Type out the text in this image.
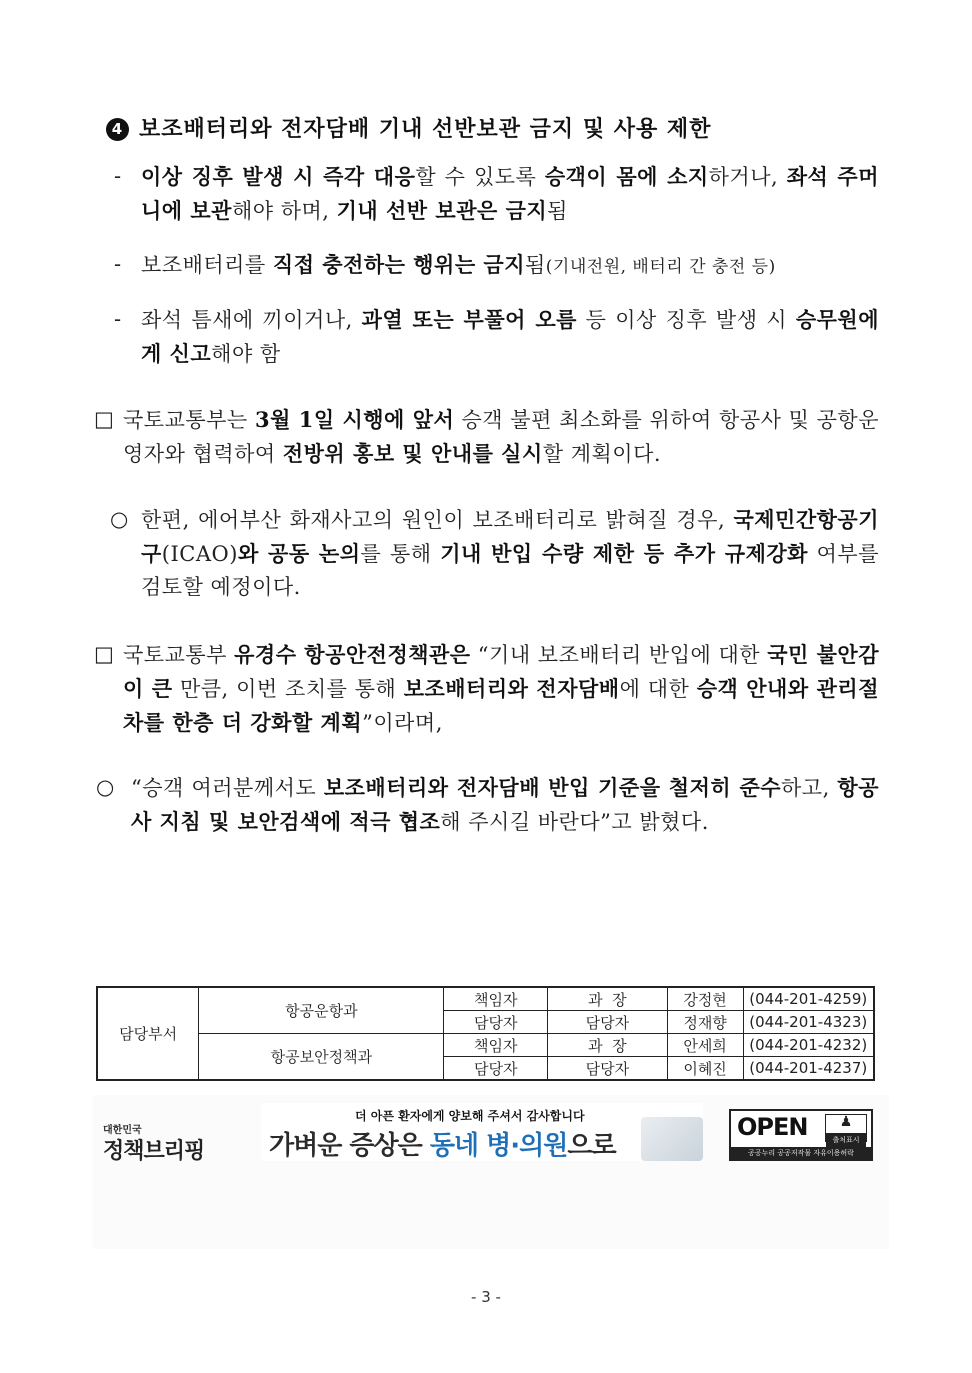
4 보조배터리와 전자담배 기내 선반보관 금지 및 사용 제한
- 이상 징후 발생 시 즉각 대응할 수 있도록 승객이 몸에 소지하거나, 좌석 주머니에 보관해야 하며, 기내 선반 보관은 금지됨
- 보조배터리를 직접 충전하는 행위는 금지됨(기내전원, 배터리 간 충전 등)
- 좌석 틈새에 끼이거나, 과열 또는 부풀어 오름 등 이상 징후 발생 시 승무원에게 신고해야 함
□ 국토교통부는 3월 1일 시행에 앞서 승객 불편 최소화를 위하여 항공사 및 공항운영자와 협력하여 전방위 홍보 및 안내를 실시할 계획이다.
○ 한편, 에어부산 화재사고의 원인이 보조배터리로 밝혀질 경우, 국제민간항공기구(ICAO)와 공동 논의를 통해 기내 반입 수량 제한 등 추가 규제강화 여부를 검토할 예정이다.
□ 국토교통부 유경수 항공안전정책관은 “기내 보조배터리 반입에 대한 국민 불안감이 큰 만큼, 이번 조치를 통해 보조배터리와 전자담배에 대한 승객 안내와 관리절차를 한층 더 강화할 계획”이라며,
○ “승객 여러분께서도 보조배터리와 전자담배 반입 기준을 철저히 준수하고, 항공사 지침 및 보안검색에 적극 협조해 주시길 바란다”고 밝혔다.
담당부서	항공운항과	책임자	과  장	강정현	(044-201-4259)
		담당자	담당자	정재향	(044-201-4323)
	항공보안정책과	책임자	과  장	안세희	(044-201-4232)
		담당자	담당자	이혜진	(044-201-4237)
대한민국
정책브리핑
더 아픈 환자에게 양보해 주셔서 감사합니다
가벼운 증상은 동네 병·의원으로
OPEN	♟
출처표시
공공누리 공공저작물 자유이용허락
- 3 -
